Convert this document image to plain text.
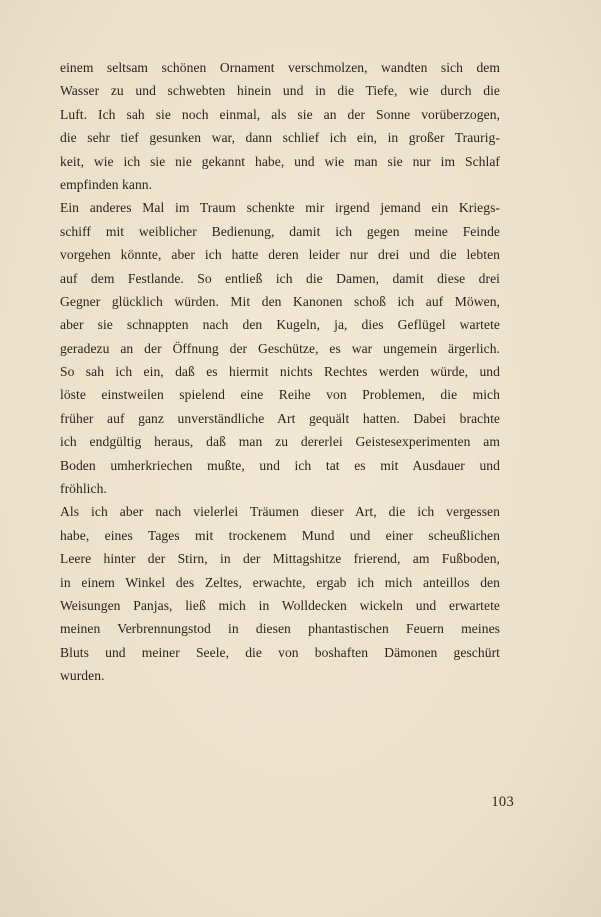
einem seltsam schönen Ornament verschmolzen, wandten sich dem
Wasser zu und schwebten hinein und in die Tiefe, wie durch die
Luft. Ich sah sie noch einmal, als sie an der Sonne vorüberzogen,
die sehr tief gesunken war, dann schlief ich ein, in großer Traurig-
keit, wie ich sie nie gekannt habe, und wie man sie nur im Schlaf
empfinden kann.
Ein anderes Mal im Traum schenkte mir irgend jemand ein Kriegs-
schiff mit weiblicher Bedienung, damit ich gegen meine Feinde
vorgehen könnte, aber ich hatte deren leider nur drei und die lebten
auf dem Festlande. So entließ ich die Damen, damit diese drei
Gegner glücklich würden. Mit den Kanonen schoß ich auf Möwen,
aber sie schnappten nach den Kugeln, ja, dies Geflügel wartete
geradezu an der Öffnung der Geschütze, es war ungemein ärgerlich.
So sah ich ein, daß es hiermit nichts Rechtes werden würde, und
löste einstweilen spielend eine Reihe von Problemen, die mich
früher auf ganz unverständliche Art gequält hatten. Dabei brachte
ich endgültig heraus, daß man zu dererlei Geistesexperimenten am
Boden umherkriechen mußte, und ich tat es mit Ausdauer und
fröhlich.
Als ich aber nach vielerlei Träumen dieser Art, die ich vergessen
habe, eines Tages mit trockenem Mund und einer scheußlichen
Leere hinter der Stirn, in der Mittagshitze frierend, am Fußboden,
in einem Winkel des Zeltes, erwachte, ergab ich mich anteillos den
Weisungen Panjas, ließ mich in Wolldecken wickeln und erwartete
meinen Verbrennungstod in diesen phantastischen Feuern meines
Bluts und meiner Seele, die von boshaften Dämonen geschürt
wurden.
103
